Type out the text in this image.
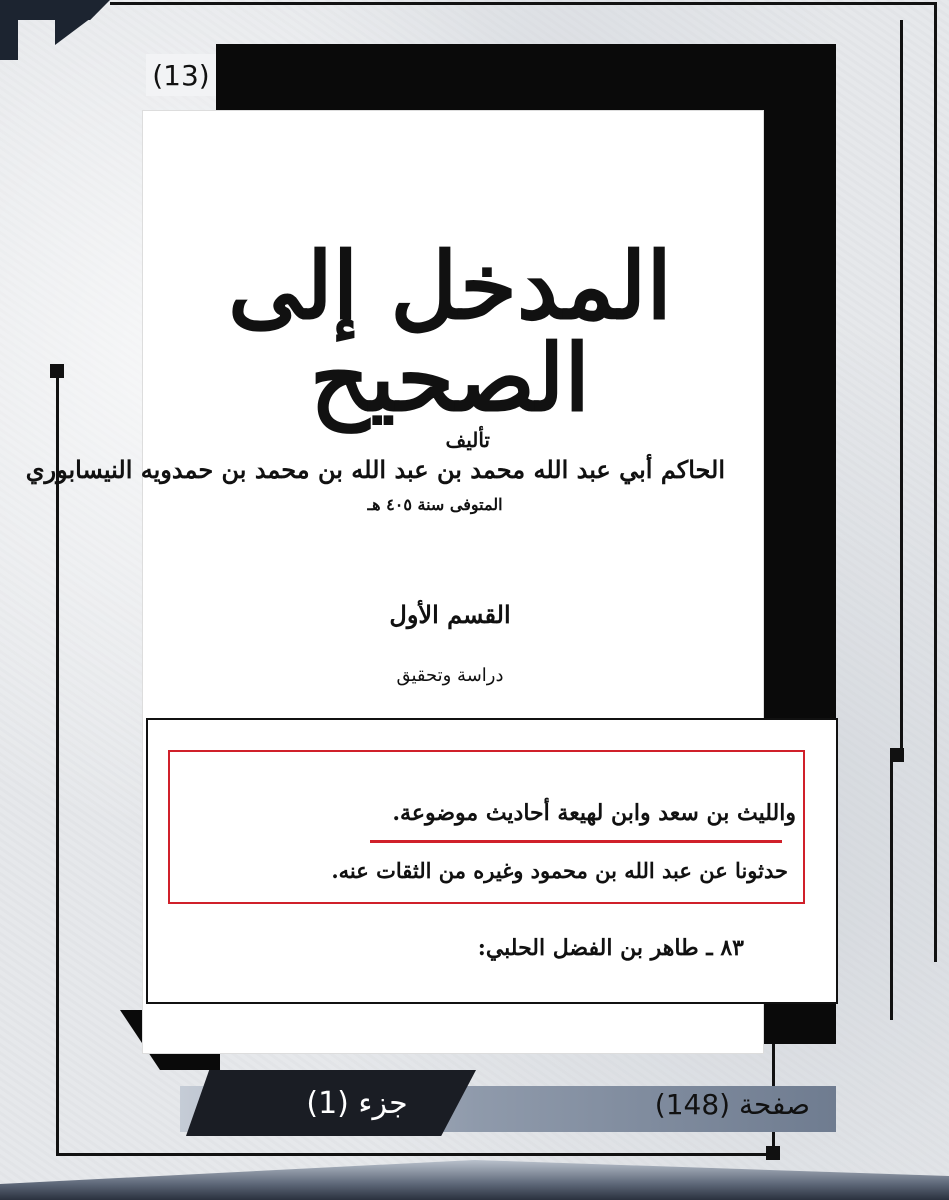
(13)
المدخل إلى الصحيح
تأليف
الحاكم أبي عبد الله محمد بن عبد الله بن محمد بن حمدويه النيسابوري
المتوفى سنة ٤٠٥ هـ
القسم الأول
دراسة وتحقيق
والليث بن سعد وابن لهيعة أحاديث موضوعة.
حدثونا عن عبد الله بن محمود وغيره من الثقات عنه.
٨٣ ـ طاهر بن الفضل الحلبي:
صفحة (148)
جزء (1)
